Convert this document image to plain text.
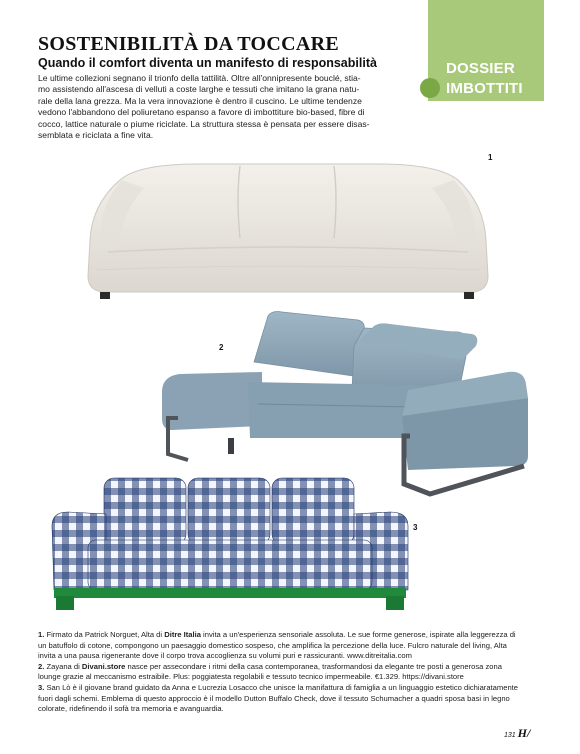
DOSSIER
IMBOTTITI
SOSTENIBILITÀ DA TOCCARE
Quando il comfort diventa un manifesto di responsabilità
Le ultime collezioni segnano il trionfo della tattilità. Oltre all'onnipresente bouclé, stia-
mo assistendo all'ascesa di velluti a coste larghe e tessuti che imitano la grana natu-
rale della lana grezza. Ma la vera innovazione è dentro il cuscino. Le ultime tendenze
vedono l'abbandono del poliuretano espanso a favore di imbottiture bio-based, fibre di
cocco, lattice naturale o piume riciclate. La struttura stessa è pensata per essere disas-
semblata e riciclata a fine vita.
1
2
3

1. Firmato da Patrick Norguet, Alta di Ditre Italia invita a un'esperienza sensoriale assoluta. Le sue forme generose, ispirate alla leggerezza di un batuffolo di cotone, compongono un paesaggio domestico sospeso, che amplifica la percezione della luce. Fulcro naturale del living, Alta invita a una pausa rigenerante dove il corpo trova accoglienza su volumi puri e rassicuranti. www.ditreitalia.com

2. Zayana di Divani.store nasce per assecondare i ritmi della casa contemporanea, trasformandosi da elegante tre posti a generosa zona lounge grazie al meccanismo estraibile. Plus: poggiatesta regolabili e tessuto tecnico impermeabile. €1.329. https://divani.store

3. San Lò è il giovane brand guidato da Anna e Lucrezia Losacco che unisce la manifattura di famiglia a un linguaggio estetico dichiaratamente fuori dagli schemi. Emblema di questo approccio è il modello Dutton Buffalo Check, dove il tessuto Schumacher a quadri sposa basi in legno colorate, ridefinendo il sofà tra memoria e avanguardia.

131 H/
